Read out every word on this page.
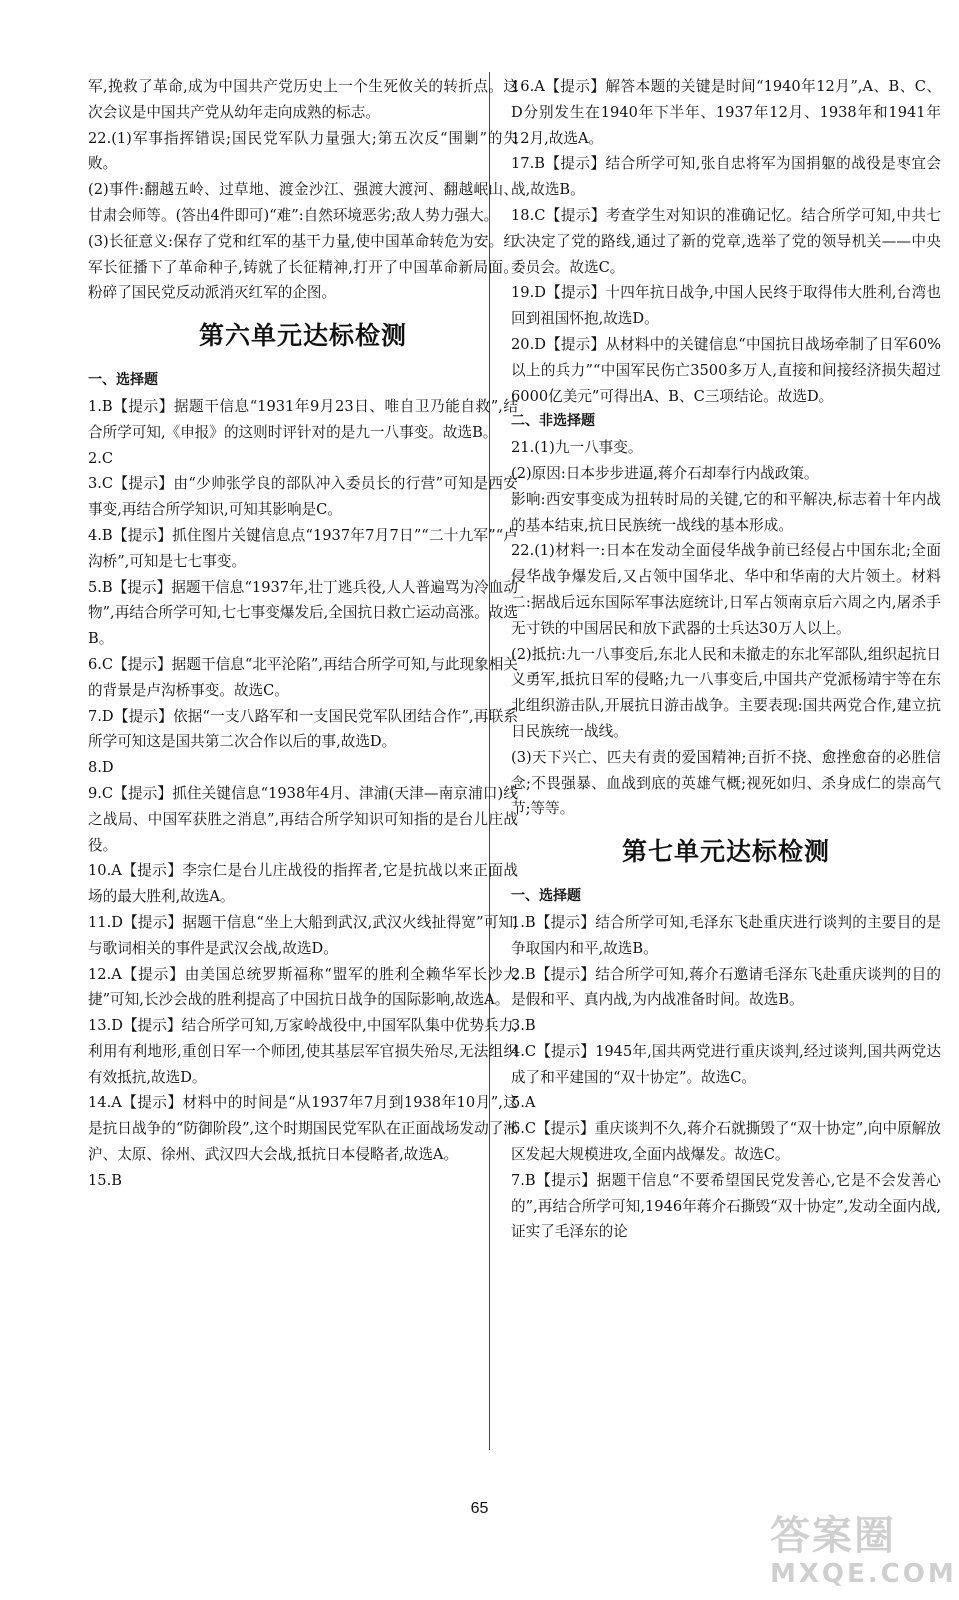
军,挽救了革命,成为中国共产党历史上一个生死攸关的转折点。这次会议是中国共产党从幼年走向成熟的标志。
22.(1)军事指挥错误;国民党军队力量强大;第五次反“围剿”的失败。
(2)事件:翻越五岭、过草地、渡金沙江、强渡大渡河、翻越岷山、甘肃会师等。(答出4件即可)“难”:自然环境恶劣;敌人势力强大。
(3)长征意义:保存了党和红军的基干力量,使中国革命转危为安。红军长征播下了革命种子,铸就了长征精神,打开了中国革命新局面。粉碎了国民党反动派消灭红军的企图。
第六单元达标检测
一、选择题
1.B【提示】据题干信息“1931年9月23日、唯自卫乃能自救”,结合所学可知,《申报》的这则时评针对的是九一八事变。故选B。
2.C
3.C【提示】由“少帅张学良的部队冲入委员长的行营”可知是西安事变,再结合所学知识,可知其影响是C。
4.B【提示】抓住图片关键信息点“1937年7月7日”“二十九军”“卢沟桥”,可知是七七事变。
5.B【提示】据题干信息“1937年,壮丁逃兵役,人人普遍骂为冷血动物”,再结合所学可知,七七事变爆发后,全国抗日救亡运动高涨。故选B。
6.C【提示】据题干信息“北平沦陷”,再结合所学可知,与此现象相关的背景是卢沟桥事变。故选C。
7.D【提示】依据“一支八路军和一支国民党军队团结合作”,再联系所学可知这是国共第二次合作以后的事,故选D。
8.D
9.C【提示】抓住关键信息“1938年4月、津浦(天津—南京浦口)线之战局、中国军获胜之消息”,再结合所学知识可知指的是台儿庄战役。
10.A【提示】李宗仁是台儿庄战役的指挥者,它是抗战以来正面战场的最大胜利,故选A。
11.D【提示】据题干信息“坐上大船到武汉,武汉火线扯得宽”可知,与歌词相关的事件是武汉会战,故选D。
12.A【提示】由美国总统罗斯福称“盟军的胜利全赖华军长沙大捷”可知,长沙会战的胜利提高了中国抗日战争的国际影响,故选A。
13.D【提示】结合所学可知,万家岭战役中,中国军队集中优势兵力,利用有利地形,重创日军一个师团,使其基层军官损失殆尽,无法组织有效抵抗,故选D。
14.A【提示】材料中的时间是“从1937年7月到1938年10月”,这是抗日战争的“防御阶段”,这个时期国民党军队在正面战场发动了淞沪、太原、徐州、武汉四大会战,抵抗日本侵略者,故选A。
15.B
16.A【提示】解答本题的关键是时间“1940年12月”,A、B、C、D分别发生在1940年下半年、1937年12月、1938年和1941年12月,故选A。
17.B【提示】结合所学可知,张自忠将军为国捐躯的战役是枣宜会战,故选B。
18.C【提示】考查学生对知识的准确记忆。结合所学可知,中共七大决定了党的路线,通过了新的党章,选举了党的领导机关——中央委员会。故选C。
19.D【提示】十四年抗日战争,中国人民终于取得伟大胜利,台湾也回到祖国怀抱,故选D。
20.D【提示】从材料中的关键信息“中国抗日战场牵制了日军60%以上的兵力”“中国军民伤亡3500多万人,直接和间接经济损失超过6000亿美元”可得出A、B、C三项结论。故选D。
二、非选择题
21.(1)九一八事变。
(2)原因:日本步步进逼,蒋介石却奉行内战政策。
影响:西安事变成为扭转时局的关键,它的和平解决,标志着十年内战的基本结束,抗日民族统一战线的基本形成。
22.(1)材料一:日本在发动全面侵华战争前已经侵占中国东北;全面侵华战争爆发后,又占领中国华北、华中和华南的大片领土。材料二:据战后远东国际军事法庭统计,日军占领南京后六周之内,屠杀手无寸铁的中国居民和放下武器的士兵达30万人以上。
(2)抵抗:九一八事变后,东北人民和未撤走的东北军部队,组织起抗日义勇军,抵抗日军的侵略;九一八事变后,中国共产党派杨靖宇等在东北组织游击队,开展抗日游击战争。主要表现:国共两党合作,建立抗日民族统一战线。
(3)天下兴亡、匹夫有责的爱国精神;百折不挠、愈挫愈奋的必胜信念;不畏强暴、血战到底的英雄气概;视死如归、杀身成仁的崇高气节;等等。
第七单元达标检测
一、选择题
1.B【提示】结合所学可知,毛泽东飞赴重庆进行谈判的主要目的是争取国内和平,故选B。
2.B【提示】结合所学可知,蒋介石邀请毛泽东飞赴重庆谈判的目的是假和平、真内战,为内战准备时间。故选B。
3.B
4.C【提示】1945年,国共两党进行重庆谈判,经过谈判,国共两党达成了和平建国的“双十协定”。故选C。
5.A
6.C【提示】重庆谈判不久,蒋介石就撕毁了“双十协定”,向中原解放区发起大规模进攻,全面内战爆发。故选C。
7.B【提示】据题干信息“不要希望国民党发善心,它是不会发善心的”,再结合所学可知,1946年蒋介石撕毁“双十协定”,发动全面内战,证实了毛泽东的论
65
答案圈
MXQE.COM
